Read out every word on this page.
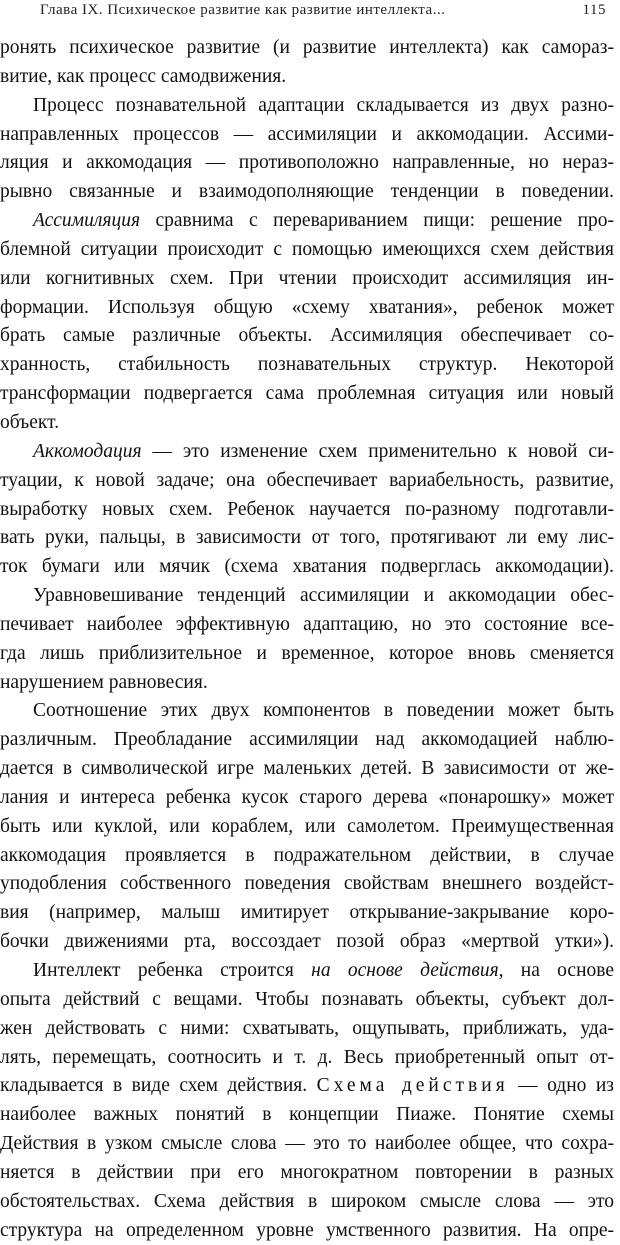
Глава IX. Психическое развитие как развитие интеллекта...	115
ронять психическое развитие (и развитие интеллекта) как самораз-
витие, как процесс самодвижения.
Процесс познавательной адаптации складывается из двух разно-
направленных процессов — ассимиляции и аккомодации. Ассими-
ляция и аккомодация — противоположно направленные, но нераз-
рывно связанные и взаимодополняющие тенденции в поведении.
Ассимиляция сравнима с перевариванием пищи: решение про-
блемной ситуации происходит с помощью имеющихся схем действия
или когнитивных схем. При чтении происходит ассимиляция ин-
формации. Используя общую «схему хватания», ребенок может
брать самые различные объекты. Ассимиляция обеспечивает со-
хранность, стабильность познавательных структур. Некоторой
трансформации подвергается сама проблемная ситуация или новый
объект.
Аккомодация — это изменение схем применительно к новой си-
туации, к новой задаче; она обеспечивает вариабельность, развитие,
выработку новых схем. Ребенок научается по-разному подготавли-
вать руки, пальцы, в зависимости от того, протягивают ли ему лис-
ток бумаги или мячик (схема хватания подверглась аккомодации).
Уравновешивание тенденций ассимиляции и аккомодации обес-
печивает наиболее эффективную адаптацию, но это состояние все-
гда лишь приблизительное и временное, которое вновь сменяется
нарушением равновесия.
Соотношение этих двух компонентов в поведении может быть
различным. Преобладание ассимиляции над аккомодацией наблю-
дается в символической игре маленьких детей. В зависимости от же-
лания и интереса ребенка кусок старого дерева «понарошку» может
быть или куклой, или кораблем, или самолетом. Преимущественная
аккомодация проявляется в подражательном действии, в случае
уподобления собственного поведения свойствам внешнего воздейст-
вия (например, малыш имитирует открывание-закрывание коро-
бочки движениями рта, воссоздает позой образ «мертвой утки»).
Интеллект ребенка строится на основе действия, на основе
опыта действий с вещами. Чтобы познавать объекты, субъект дол-
жен действовать с ними: схватывать, ощупывать, приближать, уда-
лять, перемещать, соотносить и т. д. Весь приобретенный опыт от-
кладывается в виде схем действия. Схема действия — одно из
наиболее важных понятий в концепции Пиаже. Понятие схемы
Действия в узком смысле слова — это то наиболее общее, что сохра-
няется в действии при его многократном повторении в разных
обстоятельствах. Схема действия в широком смысле слова — это
структура на определенном уровне умственного развития. На опре-
